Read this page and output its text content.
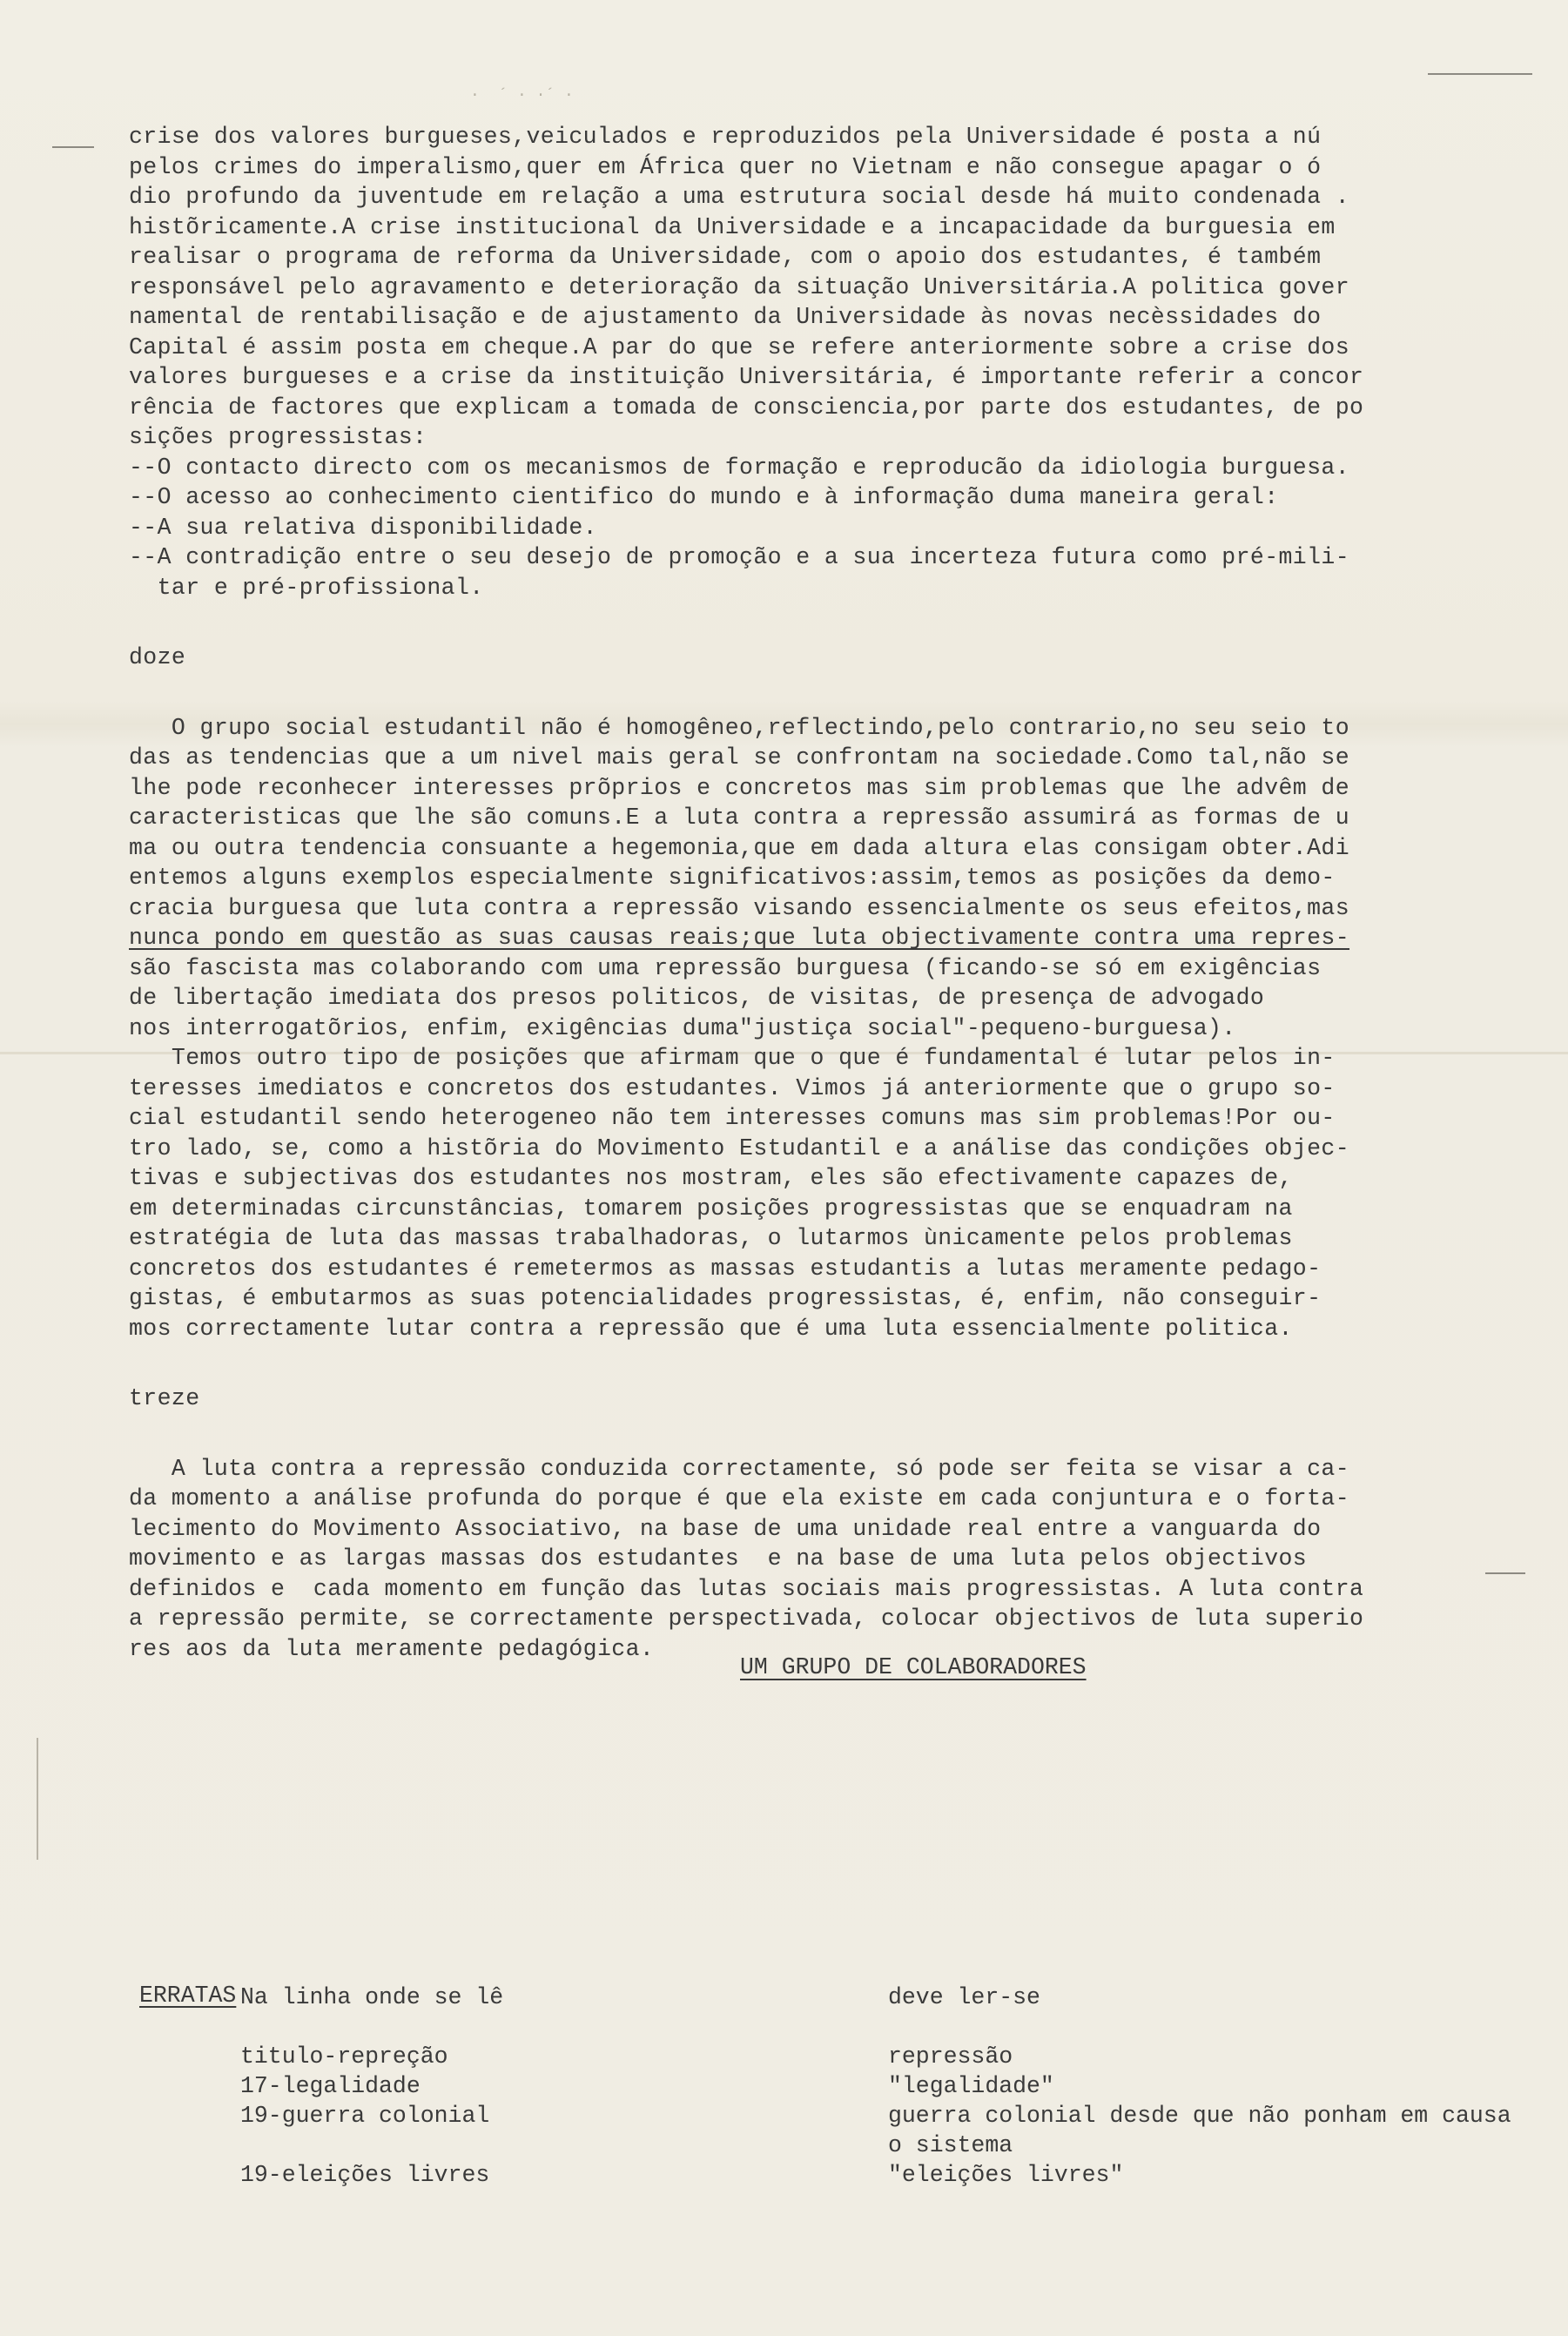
·  ´ · ·´ ·
crise dos valores burgueses,veiculados e reproduzidos pela Universidade é posta a nú
pelos crimes do imperalismo,quer em África quer no Vietnam e não consegue apagar o ó
dio profundo da juventude em relação a uma estrutura social desde há muito condenada .
histõricamente.A crise institucional da Universidade e a incapacidade da burguesia em
realisar o programa de reforma da Universidade, com o apoio dos estudantes, é também
responsável pelo agravamento e deterioração da situação Universitária.A politica gover
namental de rentabilisação e de ajustamento da Universidade às novas necèssidades do
Capital é assim posta em cheque.A par do que se refere anteriormente sobre a crise dos
valores burgueses e a crise da instituição Universitária, é importante referir a concor
rência de factores que explicam a tomada de consciencia,por parte dos estudantes, de po
sições progressistas:
--O contacto directo com os mecanismos de formação e reproducão da idiologia burguesa.
--O acesso ao conhecimento cientifico do mundo e à informação duma maneira geral:
--A sua relativa disponibilidade.
--A contradição entre o seu desejo de promoção e a sua incerteza futura como pré-mili-
tar e pré-profissional.
doze
O grupo social estudantil não é homogêneo,reflectindo,pelo contrario,no seu seio to
das as tendencias que a um nivel mais geral se confrontam na sociedade.Como tal,não se
lhe pode reconhecer interesses prõprios e concretos mas sim problemas que lhe advêm de
caracteristicas que lhe são comuns.E a luta contra a repressão assumirá as formas de u
ma ou outra tendencia consuante a hegemonia,que em dada altura elas consigam obter.Adi
entemos alguns exemplos especialmente significativos:assim,temos as posições da demo-
cracia burguesa que luta contra a repressão visando essencialmente os seus efeitos,mas
nunca pondo em questão as suas causas reais;que luta objectivamente contra uma repres-
são fascista mas colaborando com uma repressão burguesa (ficando-se só em exigências
de libertação imediata dos presos politicos, de visitas, de presença de advogado
nos interrogatõrios, enfim, exigências duma"justiça social"-pequeno-burguesa).
Temos outro tipo de posições que afirmam que o que é fundamental é lutar pelos in-
teresses imediatos e concretos dos estudantes. Vimos já anteriormente que o grupo so-
cial estudantil sendo heterogeneo não tem interesses comuns mas sim problemas!Por ou-
tro lado, se, como a histõria do Movimento Estudantil e a análise das condições objec-
tivas e subjectivas dos estudantes nos mostram, eles são efectivamente capazes de,
em determinadas circunstâncias, tomarem posições progressistas que se enquadram na
estratégia de luta das massas trabalhadoras, o lutarmos ùnicamente pelos problemas
concretos dos estudantes é remetermos as massas estudantis a lutas meramente pedago-
gistas, é embutarmos as suas potencialidades progressistas, é, enfim, não conseguir-
mos correctamente lutar contra a repressão que é uma luta essencialmente politica.
treze
A luta contra a repressão conduzida correctamente, só pode ser feita se visar a ca-
da momento a análise profunda do porque é que ela existe em cada conjuntura e o forta-
lecimento do Movimento Associativo, na base de uma unidade real entre a vanguarda do
movimento e as largas massas dos estudantes  e na base de uma luta pelos objectivos
definidos e  cada momento em função das lutas sociais mais progressistas. A luta contra
a repressão permite, se correctamente perspectivada, colocar objectivos de luta superio
res aos da luta meramente pedagógica.
UM GRUPO DE COLABORADORES
ERRATAS Na linha onde se lê	deve ler-se
titulo-repreção	repressão
17-legalidade	"legalidade"
19-guerra colonial	guerra colonial desde que não ponham em causa o sistema
19-eleições livres	"eleições livres"
